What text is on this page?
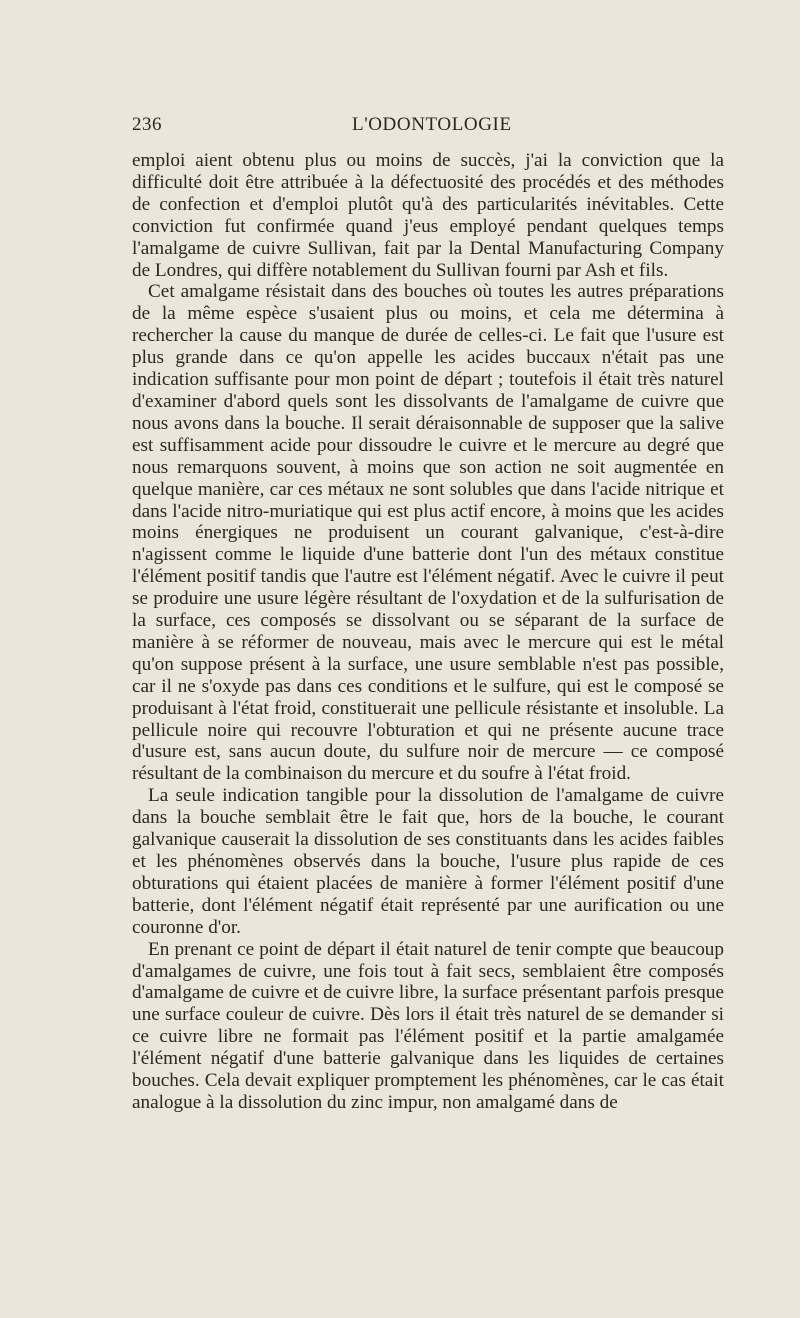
236	L'ODONTOLOGIE

emploi aient obtenu plus ou moins de succès, j'ai la conviction que la difficulté doit être attribuée à la défectuosité des procédés et des méthodes de confection et d'emploi plutôt qu'à des particularités inévitables. Cette conviction fut confirmée quand j'eus employé pendant quelques temps l'amalgame de cuivre Sullivan, fait par la Dental Manufacturing Company de Londres, qui diffère notablement du Sullivan fourni par Ash et fils.

Cet amalgame résistait dans des bouches où toutes les autres préparations de la même espèce s'usaient plus ou moins, et cela me détermina à rechercher la cause du manque de durée de celles-ci. Le fait que l'usure est plus grande dans ce qu'on appelle les acides buccaux n'était pas une indication suffisante pour mon point de départ ; toutefois il était très naturel d'examiner d'abord quels sont les dissolvants de l'amalgame de cuivre que nous avons dans la bouche. Il serait déraisonnable de supposer que la salive est suffisamment acide pour dissoudre le cuivre et le mercure au degré que nous remarquons souvent, à moins que son action ne soit augmentée en quelque manière, car ces métaux ne sont solubles que dans l'acide nitrique et dans l'acide nitro-muriatique qui est plus actif encore, à moins que les acides moins énergiques ne produisent un courant galvanique, c'est-à-dire n'agissent comme le liquide d'une batterie dont l'un des métaux constitue l'élément positif tandis que l'autre est l'élément négatif. Avec le cuivre il peut se produire une usure légère résultant de l'oxydation et de la sulfurisation de la surface, ces composés se dissolvant ou se séparant de la surface de manière à se réformer de nouveau, mais avec le mercure qui est le métal qu'on suppose présent à la surface, une usure semblable n'est pas possible, car il ne s'oxyde pas dans ces conditions et le sulfure, qui est le composé se produisant à l'état froid, constituerait une pellicule résistante et insoluble. La pellicule noire qui recouvre l'obturation et qui ne présente aucune trace d'usure est, sans aucun doute, du sulfure noir de mercure — ce composé résultant de la combinaison du mercure et du soufre à l'état froid.

La seule indication tangible pour la dissolution de l'amalgame de cuivre dans la bouche semblait être le fait que, hors de la bouche, le courant galvanique causerait la dissolution de ses constituants dans les acides faibles et les phénomènes observés dans la bouche, l'usure plus rapide de ces obturations qui étaient placées de manière à former l'élément positif d'une batterie, dont l'élément négatif était représenté par une aurification ou une couronne d'or.

En prenant ce point de départ il était naturel de tenir compte que beaucoup d'amalgames de cuivre, une fois tout à fait secs, semblaient être composés d'amalgame de cuivre et de cuivre libre, la surface présentant parfois presque une surface couleur de cuivre. Dès lors il était très naturel de se demander si ce cuivre libre ne formait pas l'élément positif et la partie amalgamée l'élément négatif d'une batterie galvanique dans les liquides de certaines bouches. Cela devait expliquer promptement les phénomènes, car le cas était analogue à la dissolution du zinc impur, non amalgamé dans de
